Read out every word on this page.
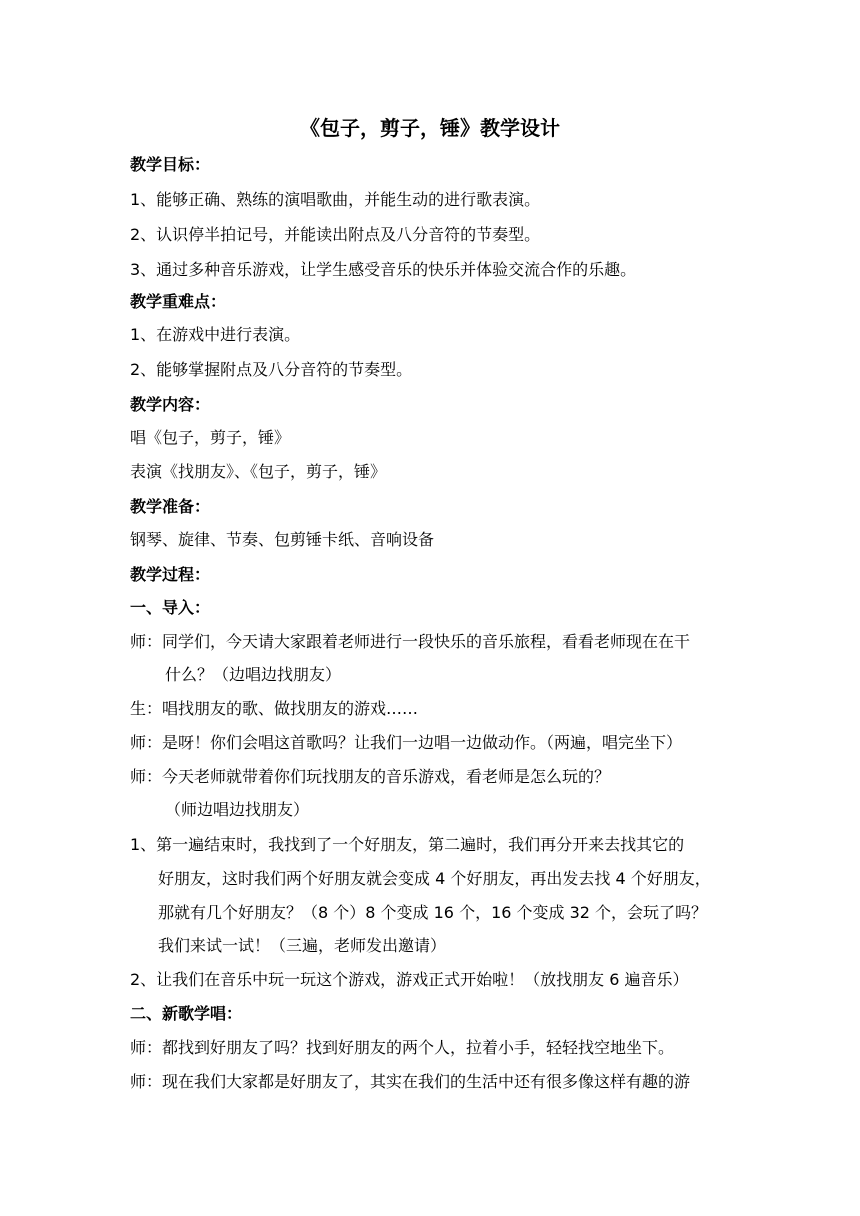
《包子，剪子，锤》教学设计
教学目标：
1、能够正确、熟练的演唱歌曲，并能生动的进行歌表演。
2、认识停半拍记号，并能读出附点及八分音符的节奏型。
3、通过多种音乐游戏，让学生感受音乐的快乐并体验交流合作的乐趣。
教学重难点：
1、在游戏中进行表演。
2、能够掌握附点及八分音符的节奏型。
教学内容：
唱《包子，剪子，锤》
表演《找朋友》、《包子，剪子，锤》
教学准备：
钢琴、旋律、节奏、包剪锤卡纸、音响设备
教学过程：
一、导入：
师：同学们，今天请大家跟着老师进行一段快乐的音乐旅程，看看老师现在在干
什么？（边唱边找朋友）
生：唱找朋友的歌、做找朋友的游戏……
师：是呀！你们会唱这首歌吗？让我们一边唱一边做动作。（两遍，唱完坐下）
师：今天老师就带着你们玩找朋友的音乐游戏，看老师是怎么玩的？
（师边唱边找朋友）
1、第一遍结束时，我找到了一个好朋友，第二遍时，我们再分开来去找其它的
好朋友，这时我们两个好朋友就会变成 4 个好朋友，再出发去找 4 个好朋友，
那就有几个好朋友？（8 个）8 个变成 16 个，16 个变成 32 个，会玩了吗？
我们来试一试！（三遍，老师发出邀请）
2、让我们在音乐中玩一玩这个游戏，游戏正式开始啦！（放找朋友 6 遍音乐）
二、新歌学唱：
师：都找到好朋友了吗？找到好朋友的两个人，拉着小手，轻轻找空地坐下。
师：现在我们大家都是好朋友了，其实在我们的生活中还有很多像这样有趣的游
